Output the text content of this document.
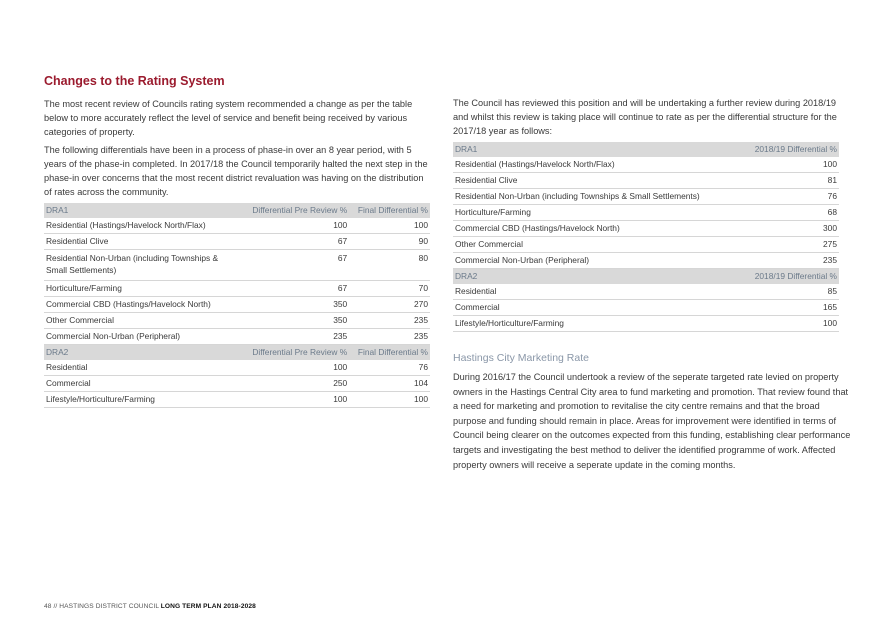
Changes to the Rating System

The most recent review of Councils rating system recommended a change as per the table below to more accurately reflect the level of service and benefit being received by various categories of property.

The following differentials have been in a process of phase-in over an 8 year period, with 5 years of the phase-in completed. In 2017/18 the Council temporarily halted the next step in the phase-in over concerns that the most recent district revaluation was having on the distribution of rates across the community.

DRA1	Differential Pre Review %	Final Differential %
Residential (Hastings/Havelock North/Flax)	100	100
Residential Clive	67	90
Residential Non-Urban (including Townships & Small Settlements)	67	80
Horticulture/Farming	67	70
Commercial CBD (Hastings/Havelock North)	350	270
Other Commercial	350	235
Commercial Non-Urban (Peripheral)	235	235
DRA2	Differential Pre Review %	Final Differential %
Residential	100	76
Commercial	250	104
Lifestyle/Horticulture/Farming	100	100

The Council has reviewed this position and will be undertaking a further review during 2018/19 and whilst this review is taking place will continue to rate as per the differential structure for the 2017/18 year as follows:

DRA1	2018/19 Differential %
Residential (Hastings/Havelock North/Flax)	100
Residential Clive	81
Residential Non-Urban (including Townships & Small Settlements)	76
Horticulture/Farming	68
Commercial CBD (Hastings/Havelock North)	300
Other Commercial	275
Commercial Non-Urban (Peripheral)	235
DRA2	2018/19 Differential %
Residential	85
Commercial	165
Lifestyle/Horticulture/Farming	100
Hastings City Marketing Rate

During 2016/17 the Council undertook a review of the seperate targeted rate levied on property owners in the Hastings Central City area to fund marketing and promotion. That review found that a need for marketing and promotion to revitalise the city centre remains and that the broad purpose and funding should remain in place. Areas for improvement were identified in terms of Council being clearer on the outcomes expected from this funding, establishing clear performance targets and investigating the best method to deliver the identified programme of work. Affected property owners will receive a seperate update in the coming months.

48 // HASTINGS DISTRICT COUNCIL LONG TERM PLAN 2018-2028
